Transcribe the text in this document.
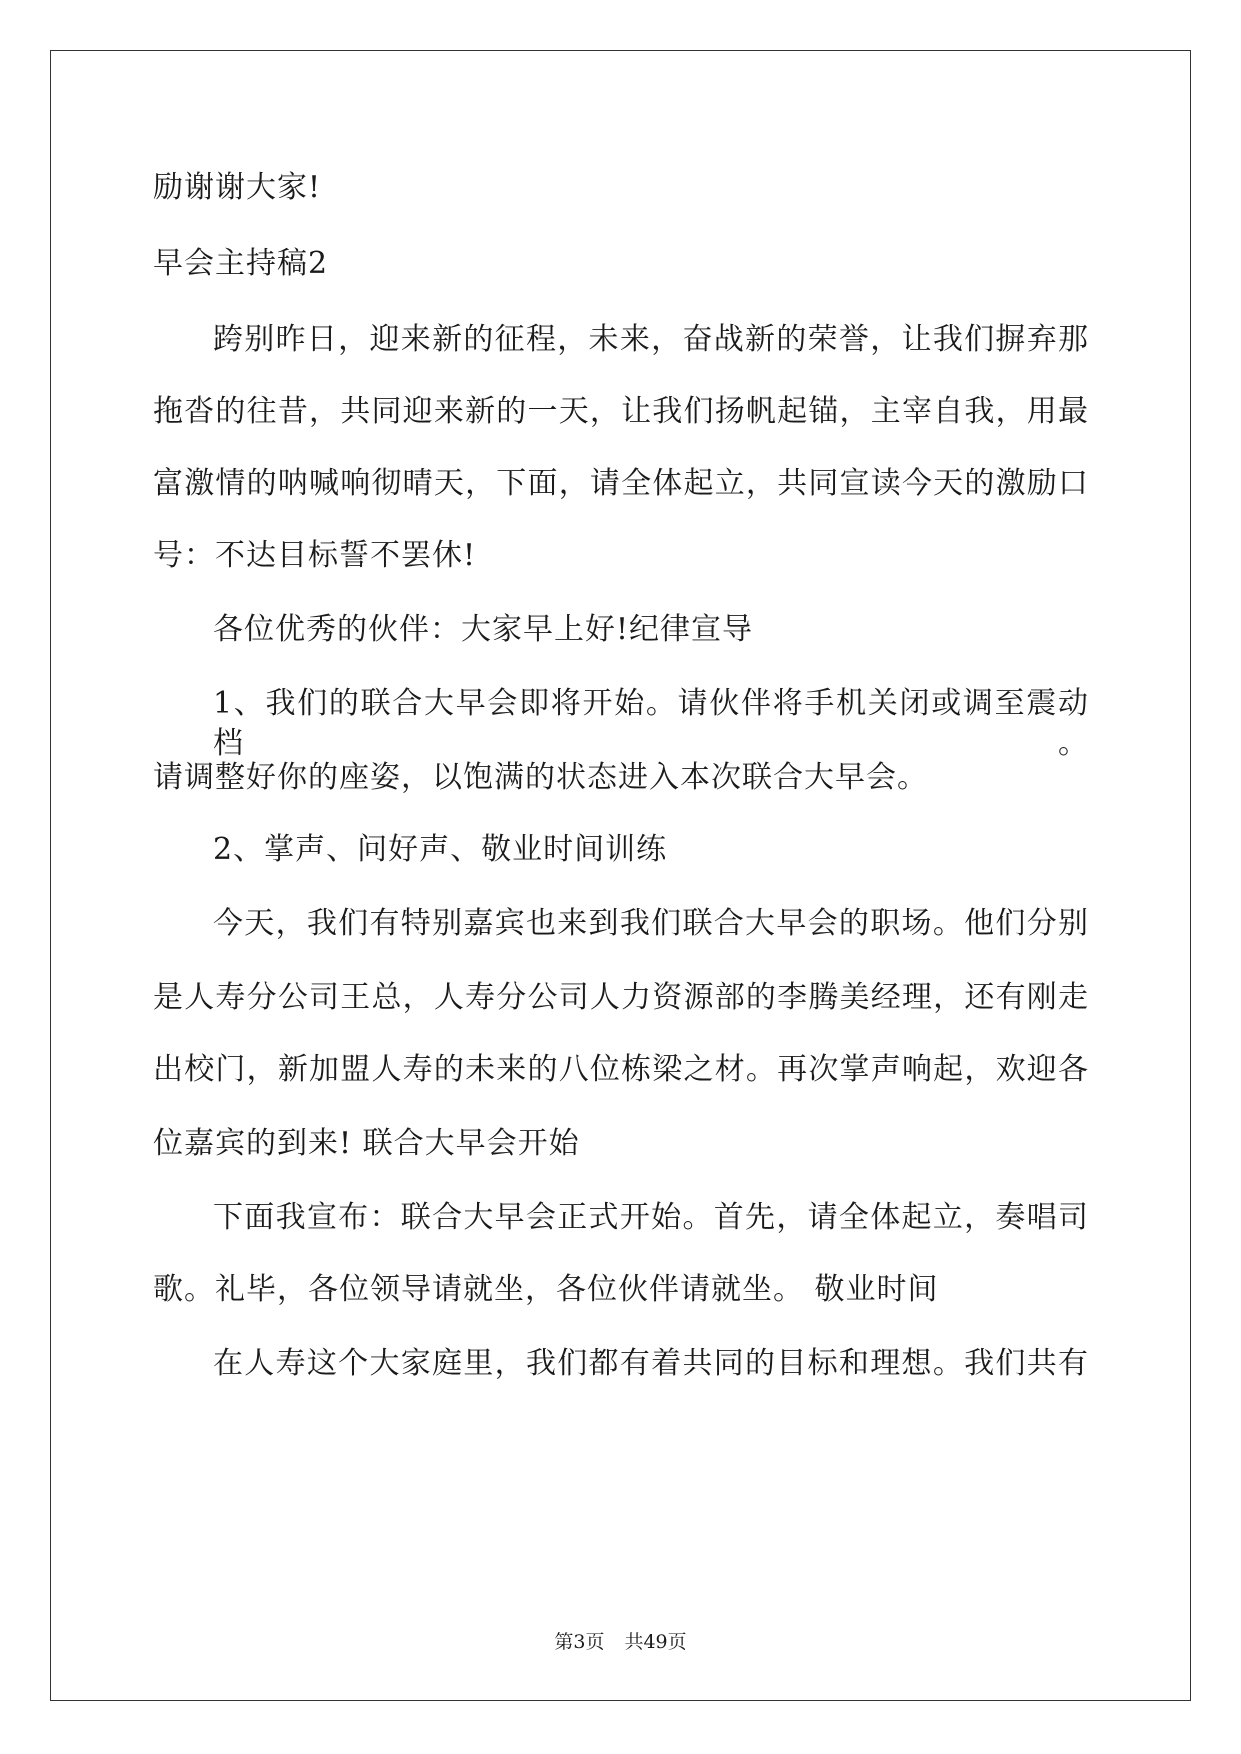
励谢谢大家!
早会主持稿2
跨别昨日，迎来新的征程，未来，奋战新的荣誉，让我们摒弃那
拖沓的往昔，共同迎来新的一天，让我们扬帆起锚，主宰自我，用最
富激情的呐喊响彻晴天，下面，请全体起立，共同宣读今天的激励口
号：不达目标誓不罢休!
各位优秀的伙伴：大家早上好!纪律宣导
1、我们的联合大早会即将开始。请伙伴将手机关闭或调至震动档。
请调整好你的座姿，以饱满的状态进入本次联合大早会。
2、掌声、问好声、敬业时间训练
今天，我们有特别嘉宾也来到我们联合大早会的职场。他们分别
是人寿分公司王总，人寿分公司人力资源部的李腾美经理，还有刚走
出校门，新加盟人寿的未来的八位栋梁之材。再次掌声响起，欢迎各
位嘉宾的到来! 联合大早会开始
下面我宣布：联合大早会正式开始。首先，请全体起立，奏唱司
歌。礼毕，各位领导请就坐，各位伙伴请就坐。 敬业时间
在人寿这个大家庭里，我们都有着共同的目标和理想。我们共有
第3页 共49页
